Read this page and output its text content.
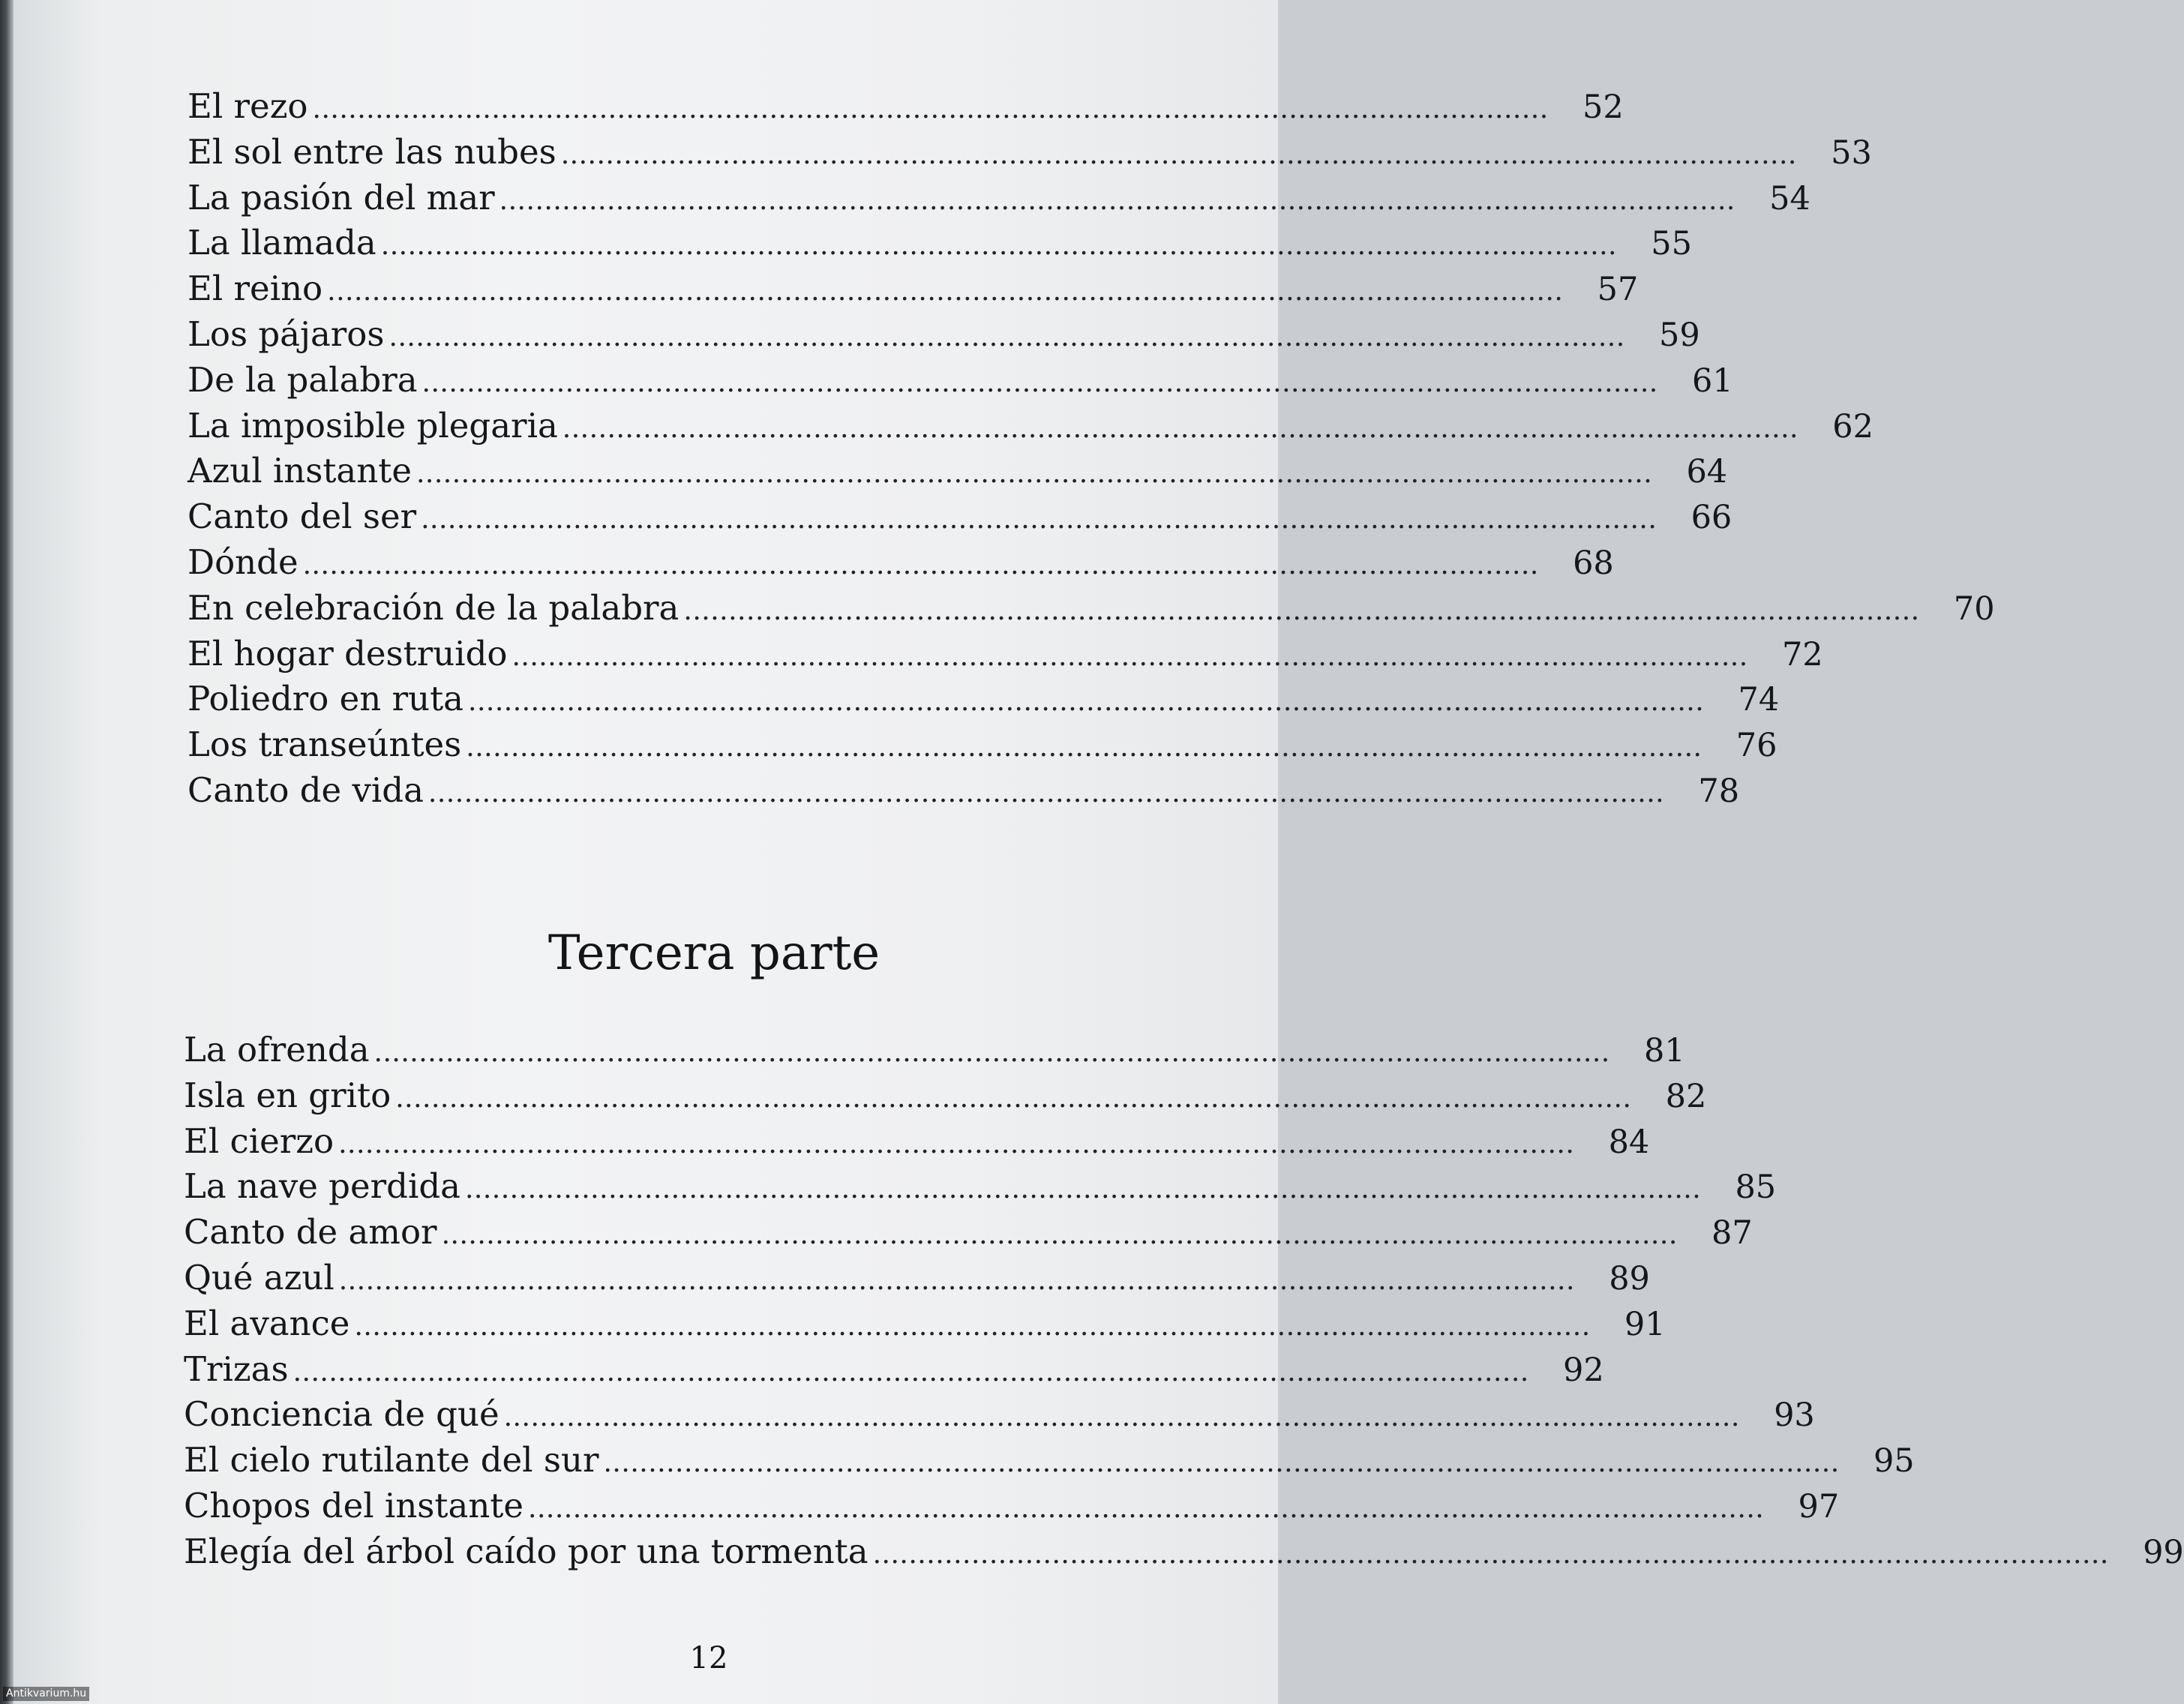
El rezo ..........................................................................................................................................	52
El sol entre las nubes ..........................................................................................................................................	53
La pasión del mar ..........................................................................................................................................	54
La llamada ..........................................................................................................................................	55
El reino ..........................................................................................................................................	57
Los pájaros ..........................................................................................................................................	59
De la palabra ..........................................................................................................................................	61
La imposible plegaria ..........................................................................................................................................	62
Azul instante ..........................................................................................................................................	64
Canto del ser ..........................................................................................................................................	66
Dónde ..........................................................................................................................................	68
En celebración de la palabra ..........................................................................................................................................	70
El hogar destruido ..........................................................................................................................................	72
Poliedro en ruta ..........................................................................................................................................	74
Los transeúntes ..........................................................................................................................................	76
Canto de vida ..........................................................................................................................................	78
Tercera parte
La ofrenda ..........................................................................................................................................	81
Isla en grito ..........................................................................................................................................	82
El cierzo ..........................................................................................................................................	84
La nave perdida ..........................................................................................................................................	85
Canto de amor ..........................................................................................................................................	87
Qué azul ..........................................................................................................................................	89
El avance ..........................................................................................................................................	91
Trizas ..........................................................................................................................................	92
Conciencia de qué ..........................................................................................................................................	93
El cielo rutilante del sur ..........................................................................................................................................	95
Chopos del instante ..........................................................................................................................................	97
Elegía del árbol caído por una tormenta ..........................................................................................................................................	99
12
Antikvarium.hu
